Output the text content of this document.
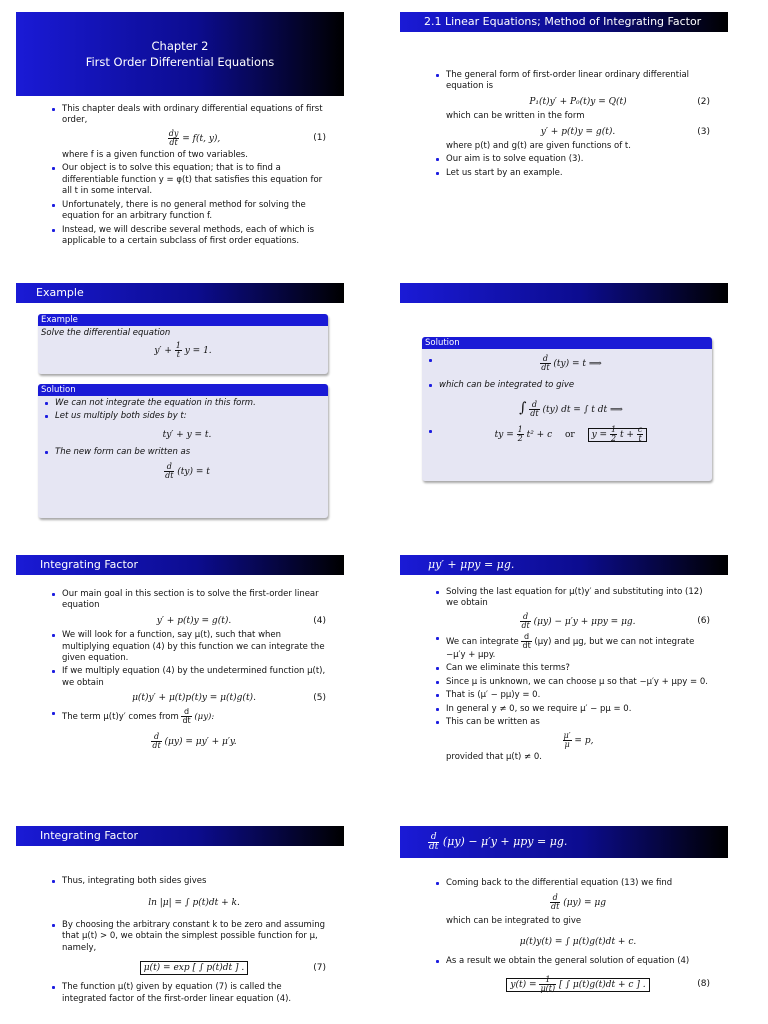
Chapter 2
First Order Differential Equations
This chapter deals with ordinary differential equations of first order,
$\frac{dy}{dt} = f(t$, y),	(1)
where f is a given function of two variables.
Our object is to solve this equation; that is to find a differentiable function y = φ(t) that satisfies this equation for all t in some interval.
Unfortunately, there is no general method for solving the equation for an arbitrary function f.
Instead, we will describe several methods, each of which is applicable to a certain subclass of first order equations.
2.1 Linear Equations; Method of Integrating Factor
The general form of first-order linear ordinary differential equation is
P₁(t)y′ + P₀(t)y = Q(t)	(2)
which can be written in the form
y′ + p(t)y = g(t).	(3)
where p(t) and g(t) are given functions of t.
Our aim is to solve equation (3).
Let us start by an example.
Example
Example
Solve the differential equation
$y' + \frac{1}{t}$ y = 1.
Solution
We can not integrate the equation in this form.
Let us multiply both sides by t:
ty′ + y = t.
The new form can be written as
$\frac{d}{dt} (ty) = t$
Solution
$\frac{d}{dt} (ty) = t$ ⟹
which can be integrated to give
∫ $\frac{d}{dt} (ty)$ dt = ∫ t dt ⟹
ty = $\frac{1}{2} t^2 + c$ or $y = \frac{1}{2}$ $t + \frac{c}{t}$
Integrating Factor
Our main goal in this section is to solve the first-order linear equation
y′ + p(t)y = g(t).	(4)
We will look for a function, say μ(t), such that when multiplying equation (4) by this function we can integrate the given equation.
If we multiply equation (4) by the undetermined function μ(t), we obtain
μ(t)y′ + μ(t)p(t)y = μ(t)g(t).	(5)
The term μ(t)y′ comes from $\frac{d}{dt} (\mu y)$:
$\frac{d}{dt} (\mu y) = \mu y' + \mu'y$.
μy′ + μpy = μg.
Solving the last equation for μ(t)y′ and substituting into (12) we obtain
$\frac{d}{dt} (\mu y) - \mu'y + \mu py = \mu g$.	(6)
We can integrate $\frac{d}{dt} (\mu y)$ and μg, but we can not integrate −μ′y + μpy.
Can we eliminate this terms?
Since μ is unknown, we can choose μ so that −μ′y + μpy = 0.
That is (μ′ − pμ)y = 0.
In general y ≠ 0, so we require μ′ − pμ = 0.
This can be written as
$\frac{\mu'}{\mu} = p$,
provided that μ(t) ≠ 0.
Integrating Factor
Thus, integrating both sides gives
ln |μ| = ∫ p(t)dt + k.
By choosing the arbitrary constant k to be zero and assuming that μ(t) > 0, we obtain the simplest possible function for μ, namely,
μ(t) = exp [ ∫ p(t)dt ] .	(7)
The function μ(t) given by equation (7) is called the integrated factor of the first-order linear equation (4).
$\frac{d}{dt} (\mu y) - \mu'y + \mu py = \mu g$.
Coming back to the differential equation (13) we find
$\frac{d}{dt} (\mu y) = \mu g$
which can be integrated to give
μ(t)y(t) = ∫ μ(t)g(t)dt + c.
As a result we obtain the general solution of equation (4)
$y(t) = \frac{1}{\mu(t)}$ [ ∫ μ(t)g(t)dt + c ] .	(8)
